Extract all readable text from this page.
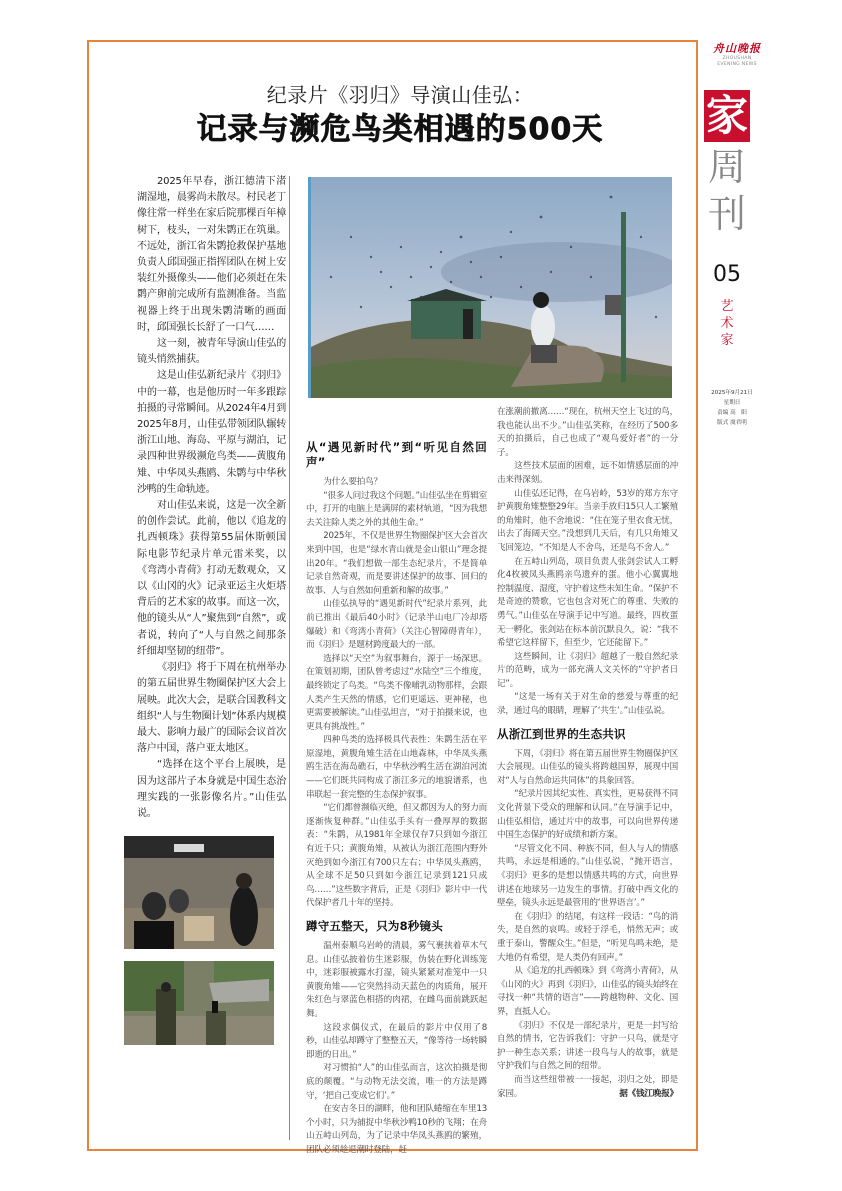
舟山晚报
ZHOUSHAN
EVENING NEWS
家
周
刊
05
艺
术
家
2025年9月21日
星期日
责编 高　阳
版式 虞君明
纪录片《羽归》导演山佳弘：
记录与濒危鸟类相遇的500天

2025年早春，浙江德清下渚湖湿地，晨雾尚未散尽。村民老丁像往常一样坐在家后院那棵百年樟树下，枝头，一对朱鹮正在筑巢。不远处，浙江省朱鹮抢救保护基地负责人邱国强正指挥团队在树上安装红外摄像头——他们必须赶在朱鹮产卵前完成所有监测准备。当监视器上终于出现朱鹮清晰的画面时，邱国强长长舒了一口气……

这一刻，被青年导演山佳弘的镜头悄然捕获。

这是山佳弘新纪录片《羽归》中的一幕，也是他历时一年多跟踪拍摄的寻常瞬间。从2024年4月到2025年8月，山佳弘带领团队辗转浙江山地、海岛、平原与湖泊，记录四种世界级濒危鸟类——黄腹角雉、中华凤头燕鸥、朱鹮与中华秋沙鸭的生命轨迹。

对山佳弘来说，这是一次全新的创作尝试。此前，他以《追龙的扎西顿珠》获得第55届休斯顿国际电影节纪录片单元雷米奖，以《弯湾小青荷》打动无数观众，又以《山冈的火》记录亚运主火炬塔背后的艺术家的故事。而这一次，他的镜头从“人”聚焦到“自然”，或者说，转向了“人与自然之间那条纤细却坚韧的纽带”。

《羽归》将于下周在杭州举办的第五届世界生物圈保护区大会上展映。此次大会，是联合国教科文组织“人与生物圈计划”体系内规模最大、影响力最广的国际会议首次落户中国，落户亚太地区。

“选择在这个平台上展映，是因为这部片子本身就是中国生态治理实践的一张影像名片。”山佳弘说。

从“遇见新时代”到“听见自然回声”

为什么要拍鸟？

“很多人问过我这个问题。”山佳弘坐在剪辑室中，打开的电脑上是满屏的素材轨道，“因为我想去关注除人类之外的其他生命。”

2025年，不仅是世界生物圈保护区大会首次来到中国，也是“绿水青山就是金山银山”理念提出20年。“我们想做一部生态纪录片，不是简单记录自然奇观，而是要讲述保护的故事、回归的故事、人与自然如何重新和解的故事。”

山佳弘执导的“遇见新时代”纪录片系列，此前已推出《最后40小时》（记录半山电厂冷却塔爆破）和《弯湾小青荷》（关注心智障碍青年），而《羽归》是题材跨度最大的一部。

选择以“天空”为叙事舞台，源于一场深思。在策划初期，团队曾考虑过“水陆空”三个维度，最终锁定了鸟类。“鸟类不像哺乳动物那样，会跟人类产生天然的情感，它们更遥远、更神秘，也更需要被解读。”山佳弘坦言，“对于拍摄来说，也更具有挑战性。”

四种鸟类的选择极具代表性：朱鹮生活在平原湿地，黄腹角雉生活在山地森林，中华凤头燕鸥生活在海岛礁石，中华秋沙鸭生活在湖泊河流——它们既共同构成了浙江多元的地貌谱系，也串联起一套完整的生态保护叙事。

“它们都曾濒临灭绝，但又都因为人的努力而逐渐恢复种群。”山佳弘手头有一叠厚厚的数据表：“朱鹮，从1981年全球仅存7只到如今浙江有近千只；黄腹角雉，从被认为浙江范围内野外灭绝到如今浙江有700只左右；中华凤头燕鸥，从全球不足50只到如今浙江记录到121只成鸟……”这些数字背后，正是《羽归》影片中一代代保护者几十年的坚持。

蹲守五整天，只为8秒镜头

温州泰顺乌岩岭的清晨，雾气裹挟着草木气息。山佳弘披着仿生迷彩服，伪装在野化训练笼中，迷彩服被露水打湿，镜头紧紧对准笼中一只黄腹角雉——它突然抖动天蓝色的肉质角，展开朱红色与翠蓝色相搭的肉裙，在雌鸟面前跳跃起舞。

这段求偶仪式，在最后的影片中仅用了8秒，山佳弘却蹲守了整整五天，“像等待一场转瞬即逝的日出。”

对习惯拍“人”的山佳弘而言，这次拍摄是彻底的颠覆。“与动物无法交流，唯一的方法是蹲守，‘把自己变成它们’。”

在安吉冬日的湖畔，他和团队蜷缩在车里13个小时，只为捕捉中华秋沙鸭10秒的飞翔；在舟山五峙山列岛，为了记录中华凤头燕鸥的繁殖，团队必须趁退潮时登陆，赶

在涨潮前撤离……“现在，杭州天空上飞过的鸟，我也能认出不少。”山佳弘笑称，在经历了500多天的拍摄后，自己也成了“观鸟爱好者”的一分子。

这些技术层面的困难，远不如情感层面的冲击来得深刻。

山佳弘还记得，在乌岩岭，53岁的郑方东守护黄腹角雉整整29年。当亲手放归15只人工繁殖的角雉时，他不舍地说：“住在笼子里衣食无忧，出去了海阔天空。”没想到几天后，有几只角雉又飞回笼边，“不知是人不舍鸟，还是鸟不舍人。”

在五峙山列岛，项目负责人张剑尝试人工孵化4枚被凤头燕鸥亲鸟遗弃的蛋。他小心翼翼地控制温度、湿度，守护着这些未知生命。“保护不是奇迹的赞歌，它也包含对死亡的尊重、失败的勇气。”山佳弘在导演手记中写道。最终，四枚蛋无一孵化，张剑站在标本前沉默良久，说：“我不希望它这样留下，但至少，它还能留下。”

这些瞬间，让《羽归》超越了一般自然纪录片的范畴，成为一部充满人文关怀的“守护者日记”。

“这是一场有关于对生命的慈爱与尊重的纪录，通过鸟的眼睛，理解了‘共生’。”山佳弘说。

从浙江到世界的生态共识

下周，《羽归》将在第五届世界生物圈保护区大会展现。山佳弘的镜头将跨越国界，展现中国对“人与自然命运共同体”的具象回答。

“纪录片因其纪实性、真实性，更易获得不同文化背景下受众的理解和认同。”在导演手记中，山佳弘相信，通过片中的故事，可以向世界传递中国生态保护的好成绩和新方案。

“尽管文化不同、种族不同，但人与人的情感共鸣，永远是相通的。”山佳弘说，“抛开语言，《羽归》更多的是想以情感共鸣的方式，向世界讲述在地球另一边发生的事情。打破中西文化的壁垒，镜头永远是最管用的‘世界语言’。”

在《羽归》的结尾，有这样一段话：“鸟的消失，是自然的哀鸣。或轻于浮毛，悄然无声；或重于泰山，警醒众生。”但是，“听见鸟鸣未绝，是大地仍有希望，是人类仍有回声。”

从《追龙的扎西顿珠》到《弯湾小青荷》，从《山冈的火》再到《羽归》，山佳弘的镜头始终在寻找一种“共情的语言”——跨越物种、文化、国界，直抵人心。

《羽归》不仅是一部纪录片，更是一封写给自然的情书，它告诉我们：守护一只鸟，就是守护一种生态关系；讲述一段鸟与人的故事，就是守护我们与自然之间的纽带。

而当这些纽带被一一接起，羽归之处，即是家园。	据《钱江晚报》
